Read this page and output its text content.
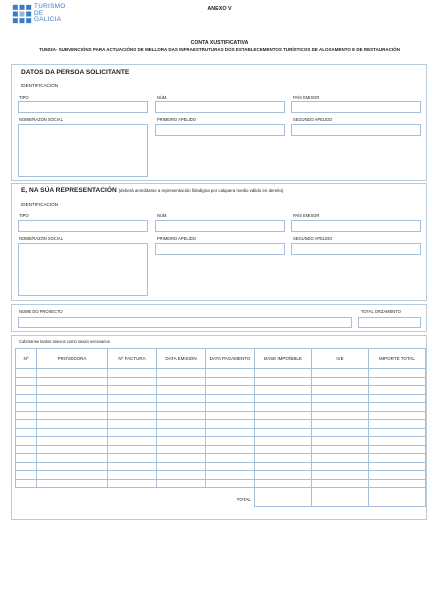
TURISMO
DE
GALICIA
ANEXO V
CONTA XUSTIFICATIVA
TU503A- SUBVENCIÓNS PARA ACTUACIÓNS DE MELLORA DAS INFRAESTRUTURAS DOS ESTABLECEMENTOS TURÍSTICOS DE ALOXAMENTO E DE RESTAURACIÓN
DATOS DA PERSOA SOLICITANTE
IDENTIFICACIÓN
TIPO	NÚM.	PAÍS EMISOR
NOME/RAZÓN SOCIAL	PRIMEIRO APELIDO	SEGUNDO APELIDO
E, NA SÚA REPRESENTACIÓN (deberá acreditarse a representación fidedigna por calquera medio válido en dereito)
IDENTIFICACIÓN
TIPO	NÚM.	PAÍS EMISOR
NOME/RAZÓN SOCIAL	PRIMEIRO APELIDO	SEGUNDO APELIDO
NOME DO PROXECTO	TOTAL ORZAMENTO
Cubriranse tantos anexos como sexan necesarios
Nº	PROVEDORA	Nº FACTURA	DATA EMISIÓN	DATA PAGAMENTO	BASE IMPOÑIBLE	IVE	IMPORTE TOTAL

TOTAL							
